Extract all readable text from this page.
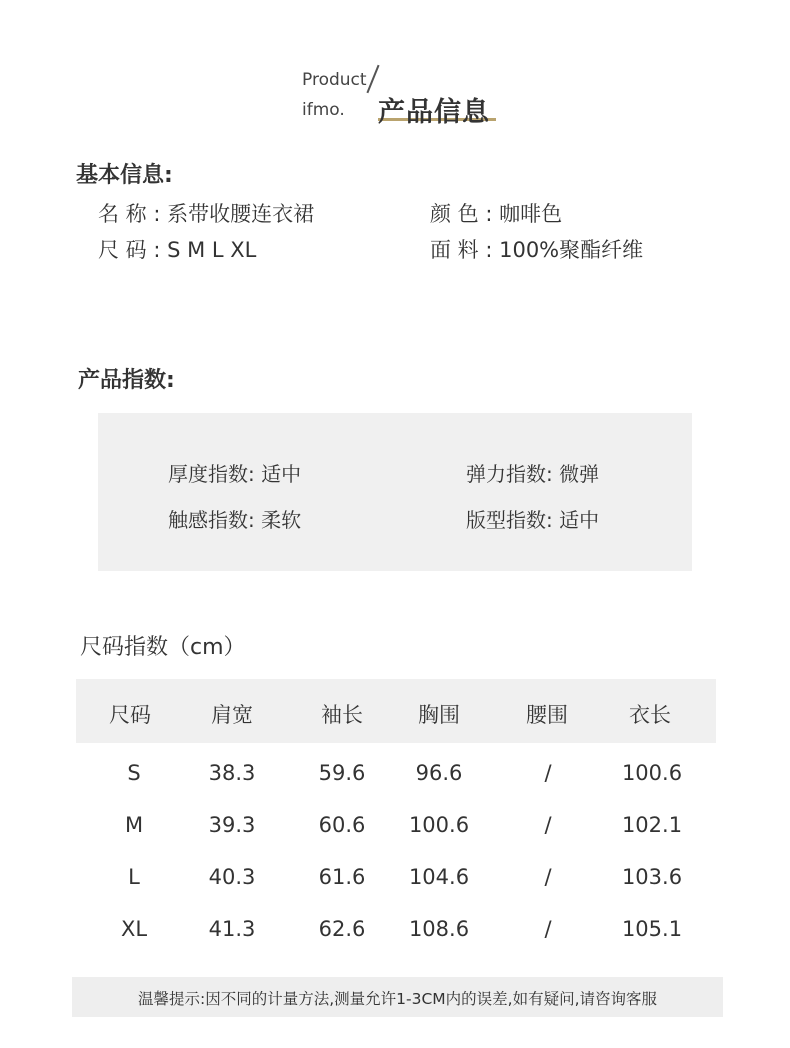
Product
ifmo. 产品信息
基本信息:
名 称 : 系带收腰连衣裙	颜 色 : 咖啡色
尺 码 : S M L XL	面 料 : 100%聚酯纤维
产品指数:
厚度指数: 适中	弹力指数: 微弹
触感指数: 柔软	版型指数: 适中
尺码指数（cm）
尺码	肩宽	袖长	胸围	腰围	衣长
S	38.3	59.6	96.6	/	100.6
M	39.3	60.6	100.6	/	102.1
L	40.3	61.6	104.6	/	103.6
XL	41.3	62.6	108.6	/	105.1
温馨提示:因不同的计量方法,测量允许1-3CM内的误差,如有疑问,请咨询客服
